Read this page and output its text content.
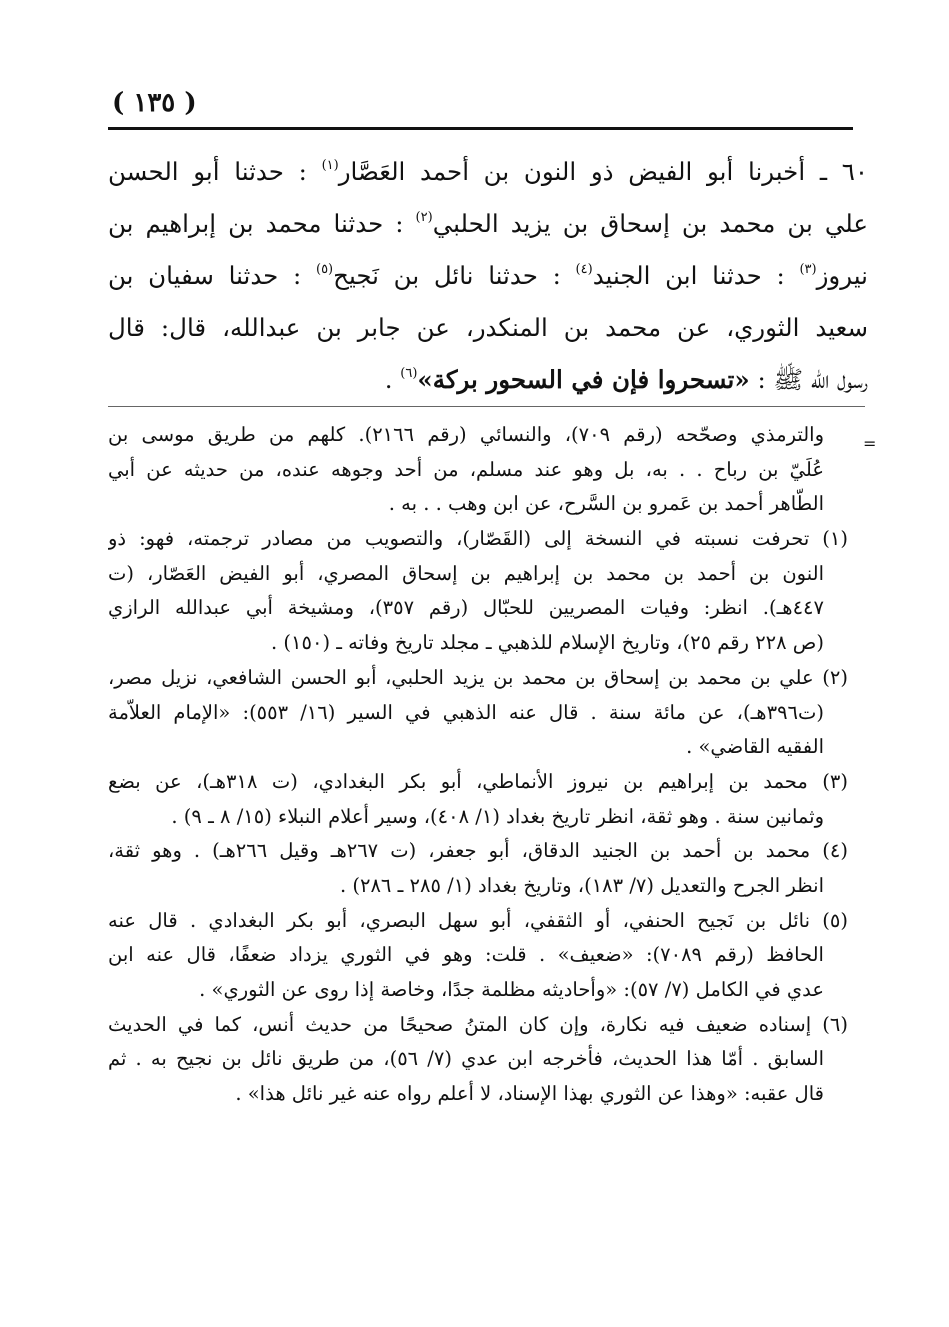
( ١٣٥ )
٦٠ ـ أخبرنا أبو الفيض ذو النون بن أحمد العَصَّار$^{(١)}$ : حدثنا أبو الحسن
علي بن محمد بن إسحاق بن يزيد الحلبي$^{(٢)}$ : حدثنا محمد بن إبراهيم بن
نيروز$^{(٣)}$ : حدثنا ابن الجنيد$^{(٤)}$ : حدثنا نائل بن نَجيح$^{(٥)}$ : حدثنا سفيان بن
سعيد الثوري، عن محمد بن المنكدر، عن جابر بن عبدالله، قال: قال
رسول الله ﷺ : «تسحروا فإن في السحور بركة»$^{(٦)}$ .
=
والترمذي وصحّحه (رقم ٧٠٩)، والنسائي (رقم ٢١٦٦). كلهم من طريق موسى بن
عُلَيّ بن رباح . . به، بل وهو عند مسلم، من أحد وجوهه عنده، من حديثه عن أبي
الطّاهر أحمد بن عَمرو بن السَّرح، عن ابن وهب . . به .
(١) تحرفت نسبته في النسخة إلى (القَصّار)، والتصويب من مصادر ترجمته، فهو: ذو
النون بن أحمد بن محمد بن إبراهيم بن إسحاق المصري، أبو الفيض العَصّار، (ت
٤٤٧هـ). انظر: وفيات المصريين للحبّال (رقم ٣٥٧)، ومشيخة أبي عبدالله الرازي
(ص ٢٢٨ رقم ٢٥)، وتاريخ الإسلام للذهبي ـ مجلد تاريخ وفاته ـ (١٥٠) .
(٢) علي بن محمد بن إسحاق بن محمد بن يزيد الحلبي، أبو الحسن الشافعي، نزيل مصر،
(ت٣٩٦هـ)، عن مائة سنة . قال عنه الذهبي في السير (١٦/ ٥٥٣): «الإمام العلاّمة
الفقيه القاضي» .
(٣) محمد بن إبراهيم بن نيروز الأنماطي، أبو بكر البغدادي، (ت ٣١٨هـ)، عن بضع
وثمانين سنة . وهو ثقة، انظر تاريخ بغداد (١/ ٤٠٨)، وسير أعلام النبلاء (١٥/ ٨ ـ ٩) .
(٤) محمد بن أحمد بن الجنيد الدقاق، أبو جعفر، (ت ٢٦٧هـ وقيل ٢٦٦هـ) . وهو ثقة،
انظر الجرح والتعديل (٧/ ١٨٣)، وتاريخ بغداد (١/ ٢٨٥ ـ ٢٨٦) .
(٥) نائل بن نَجيح الحنفي، أو الثقفي، أبو سهل البصري، أبو بكر البغدادي . قال عنه
الحافظ (رقم ٧٠٨٩): «ضعيف» . قلت: وهو في الثوري يزداد ضعفًا، قال عنه ابن
عدي في الكامل (٧/ ٥٧): «وأحاديثه مظلمة جدًا، وخاصة إذا روى عن الثوري» .
(٦) إسناده ضعيف فيه نكارة، وإن كان المتنُ صحيحًا من حديث أنس، كما في الحديث
السابق . أمّا هذا الحديث، فأخرجه ابن عدي (٧/ ٥٦)، من طريق نائل بن نجيح به . ثم
قال عقبه: «وهذا عن الثوري بهذا الإسناد، لا أعلم رواه عنه غير نائل هذا» .
